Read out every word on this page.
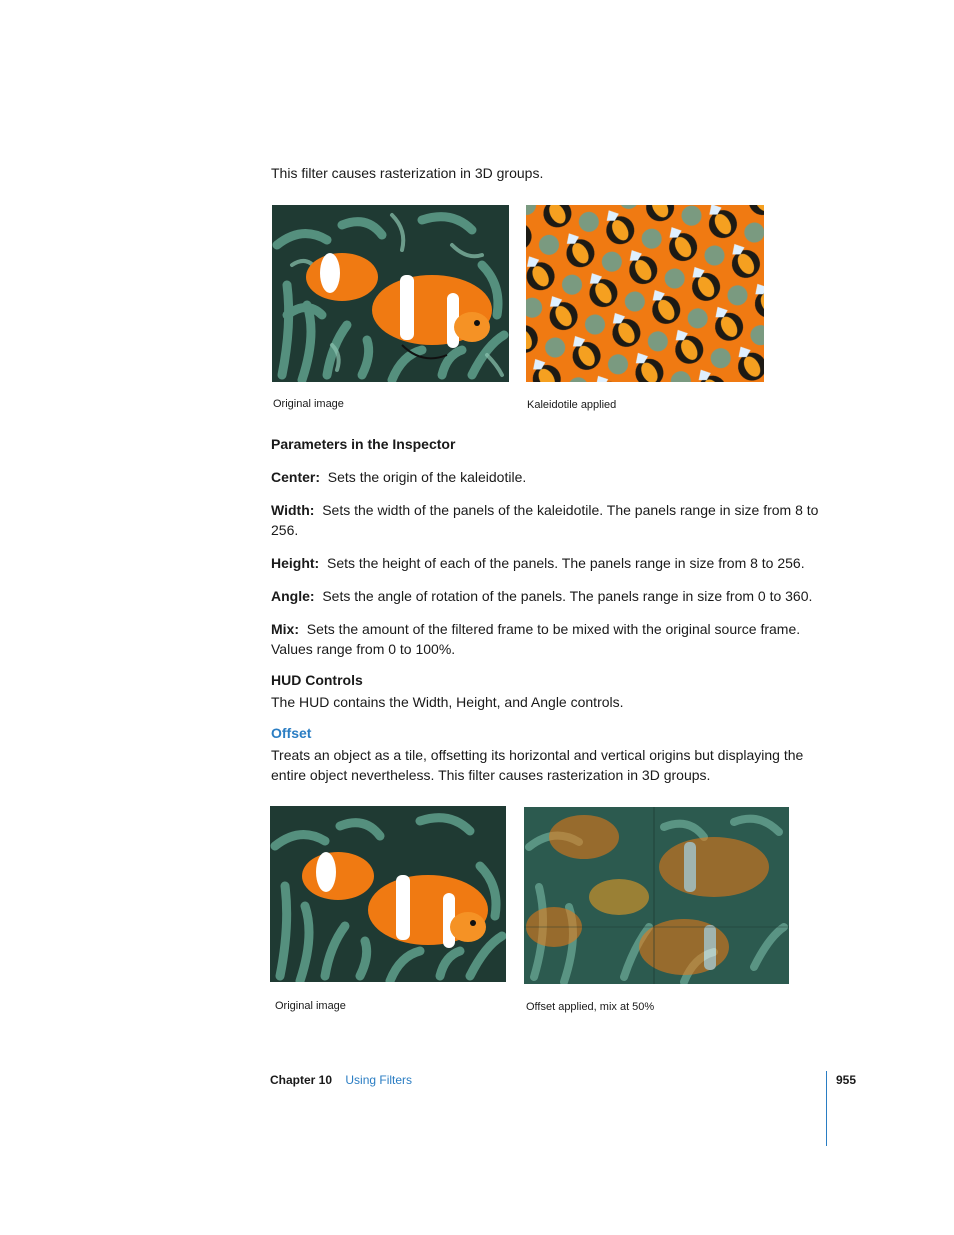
This filter causes rasterization in 3D groups.
Original image	Kaleidotile applied
Parameters in the Inspector
Center: Sets the origin of the kaleidotile.
Width: Sets the width of the panels of the kaleidotile. The panels range in size from 8 to 256.
Height: Sets the height of each of the panels. The panels range in size from 8 to 256.
Angle: Sets the angle of rotation of the panels. The panels range in size from 0 to 360.
Mix: Sets the amount of the filtered frame to be mixed with the original source frame. Values range from 0 to 100%.
HUD Controls
The HUD contains the Width, Height, and Angle controls.
Offset
Treats an object as a tile, offsetting its horizontal and vertical origins but displaying the entire object nevertheless. This filter causes rasterization in 3D groups.
Original image	Offset applied, mix at 50%
Chapter 10 Using Filters	955
